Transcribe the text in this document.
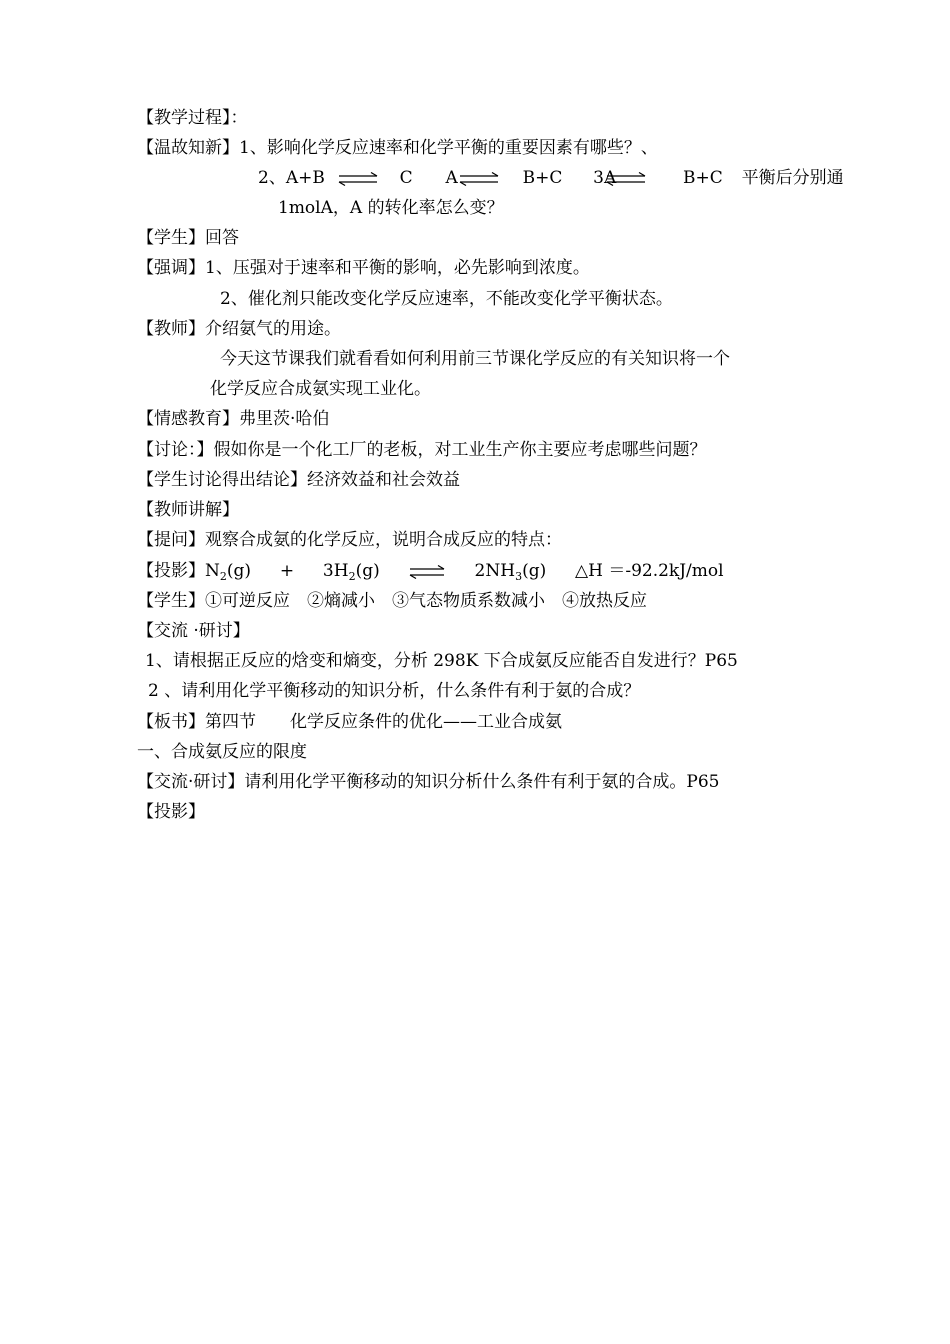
【教学过程】：
【温故知新】1、影响化学反应速率和化学平衡的重要因素有哪些？、
2、A+B ⇌ C A⇌ B+C 3A	B+C 平衡后分别通
1molA，A 的转化率怎么变？
【学生】回答
【强调】1、压强对于速率和平衡的影响，必先影响到浓度。
2、催化剂只能改变化学反应速率，不能改变化学平衡状态。
【教师】介绍氨气的用途。
今天这节课我们就看看如何利用前三节课化学反应的有关知识将一个
化学反应合成氨实现工业化。
【情感教育】弗里茨·哈伯
【讨论：】假如你是一个化工厂的老板，对工业生产你主要应考虑哪些问题？
【学生讨论得出结论】经济效益和社会效益
【教师讲解】
【提问】观察合成氨的化学反应，说明合成反应的特点：
【投影】$N_2(g) + 3H_2(g)$	$2NH_3(g)$ △H ＝-92.2kJ/mol
【学生】①可逆反应　②熵减小　③气态物质系数减小　④放热反应
【交流 ·研讨】
1、请根据正反应的焓变和熵变，分析 298K 下合成氨反应能否自发进行？P65
2 、请利用化学平衡移动的知识分析，什么条件有利于氨的合成？
【板书】第四节　　化学反应条件的优化——工业合成氨
一、合成氨反应的限度
【交流·研讨】请利用化学平衡移动的知识分析什么条件有利于氨的合成。P65
【投影】
